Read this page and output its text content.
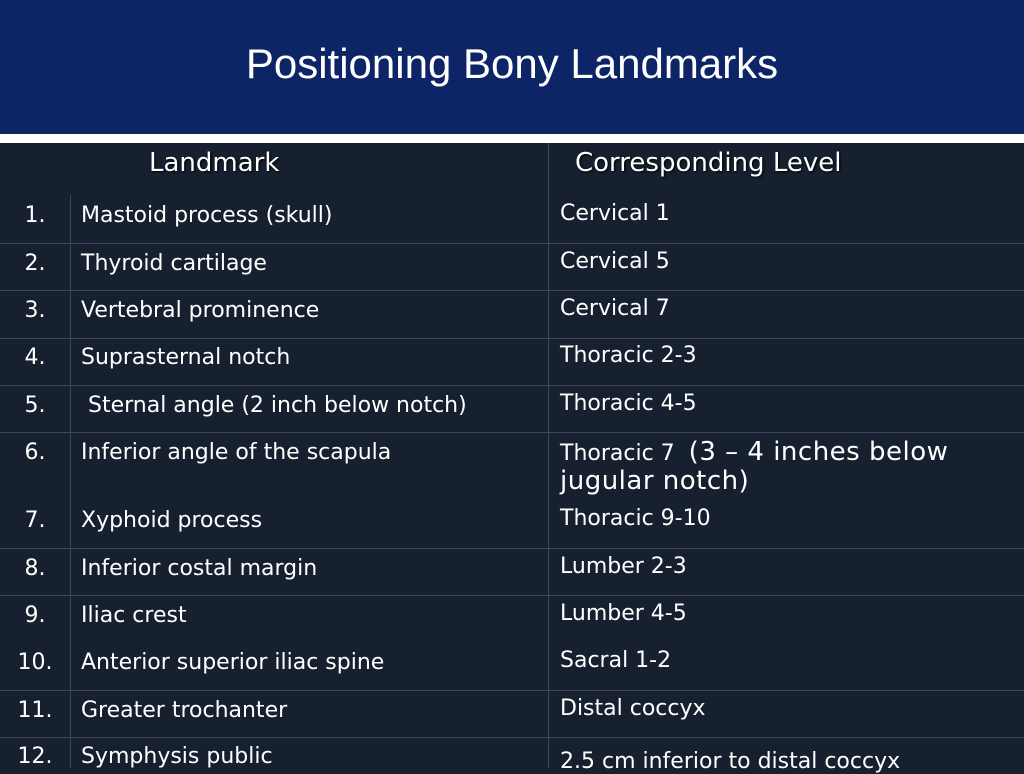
Positioning Bony Landmarks
Landmark	Corresponding Level
1.	Mastoid process (skull)	Cervical 1
2.	Thyroid cartilage	Cervical 5
3.	Vertebral prominence	Cervical 7
4.	Suprasternal notch	Thoracic 2-3
5.	Sternal angle (2 inch below notch)	Thoracic 4-5
6.	Inferior angle of the scapula	Thoracic 7 (3 – 4 inches below
jugular notch)
7.	Xyphoid process	Thoracic 9-10
8.	Inferior costal margin	Lumber 2-3
9.	Iliac crest	Lumber 4-5
10.	Anterior superior iliac spine	Sacral 1-2
11.	Greater trochanter	Distal coccyx
12.	Symphysis public	2.5 cm inferior to distal coccyx
